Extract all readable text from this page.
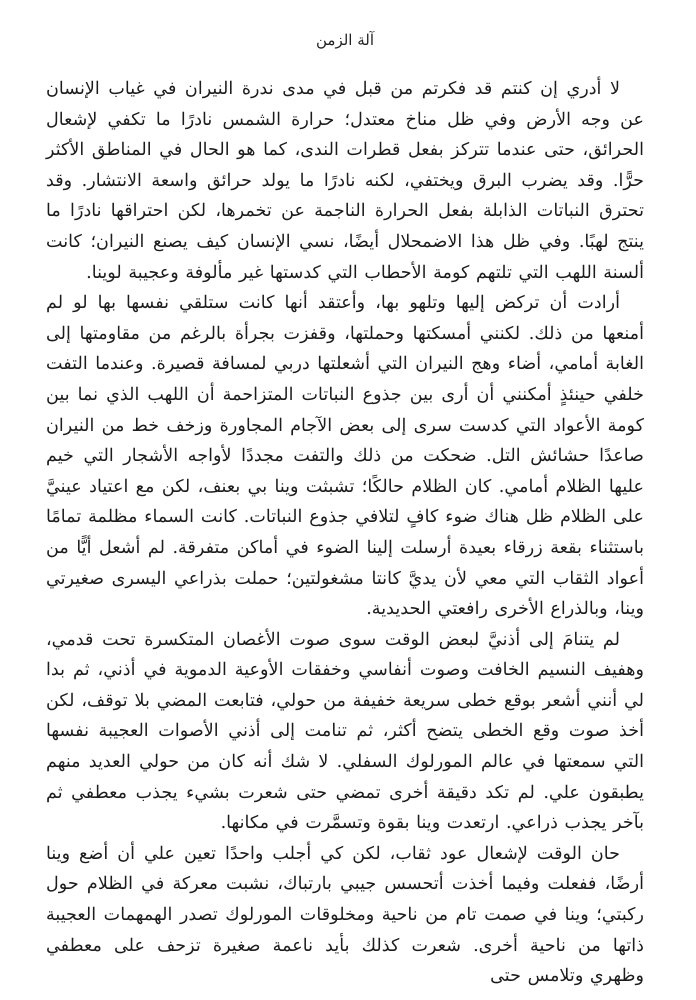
آلة الزمن

لا أدري إن كنتم قد فكرتم من قبل في مدى ندرة النيران في غياب الإنسان عن وجه الأرض وفي ظل مناخ معتدل؛ حرارة الشمس نادرًا ما تكفي لإشعال الحرائق، حتى عندما تتركز بفعل قطرات الندى، كما هو الحال في المناطق الأكثر حرًّا. وقد يضرب البرق ويختفي، لكنه نادرًا ما يولد حرائق واسعة الانتشار. وقد تحترق النباتات الذابلة بفعل الحرارة الناجمة عن تخمرها، لكن احتراقها نادرًا ما ينتج لهبًا. وفي ظل هذا الاضمحلال أيضًا، نسي الإنسان كيف يصنع النيران؛ كانت ألسنة اللهب التي تلتهم كومة الأحطاب التي كدستها غير مألوفة وعجيبة لوينا.

أرادت أن تركض إليها وتلهو بها، وأعتقد أنها كانت ستلقي نفسها بها لو لم أمنعها من ذلك. لكنني أمسكتها وحملتها، وقفزت بجرأة بالرغم من مقاومتها إلى الغابة أمامي، أضاء وهج النيران التي أشعلتها دربي لمسافة قصيرة. وعندما التفت خلفي حينئذٍ أمكنني أن أرى بين جذوع النباتات المتزاحمة أن اللهب الذي نما بين كومة الأعواد التي كدست سرى إلى بعض الآجام المجاورة وزخف خط من النيران صاعدًا حشائش التل. ضحكت من ذلك والتفت مجددًا لأواجه الأشجار التي خيم عليها الظلام أمامي. كان الظلام حالكًا؛ تشبثت وينا بي بعنف، لكن مع اعتياد عينيَّ على الظلام ظل هناك ضوء كافٍ لتلافي جذوع النباتات. كانت السماء مظلمة تمامًا باستثناء بقعة زرقاء بعيدة أرسلت إلينا الضوء في أماكن متفرقة. لم أشعل أيًّا من أعواد الثقاب التي معي لأن يديَّ كانتا مشغولتين؛ حملت بذراعي اليسرى صغيرتي وينا، وبالذراع الأخرى رافعتي الحديدية.

لم يتنامَ إلى أذنيَّ لبعض الوقت سوى صوت الأغصان المتكسرة تحت قدمي، وهفيف النسيم الخافت وصوت أنفاسي وخفقات الأوعية الدموية في أذني، ثم بدا لي أنني أشعر بوقع خطى سريعة خفيفة من حولي، فتابعت المضي بلا توقف، لكن أخذ صوت وقع الخطى يتضح أكثر، ثم تنامت إلى أذني الأصوات العجيبة نفسها التي سمعتها في عالم المورلوك السفلي. لا شك أنه كان من حولي العديد منهم يطبقون علي. لم تكد دقيقة أخرى تمضي حتى شعرت بشيء يجذب معطفي ثم بآخر يجذب ذراعي. ارتعدت وينا بقوة وتسمَّرت في مكانها.

حان الوقت لإشعال عود ثقاب، لكن كي أجلب واحدًا تعين علي أن أضع وينا أرضًا، ففعلت وفيما أخذت أتحسس جيبي بارتباك، نشبت معركة في الظلام حول ركبتي؛ وينا في صمت تام من ناحية ومخلوقات المورلوك تصدر الهمهمات العجيبة ذاتها من ناحية أخرى. شعرت كذلك بأيد ناعمة صغيرة تزحف على معطفي وظهري وتلامس حتى
